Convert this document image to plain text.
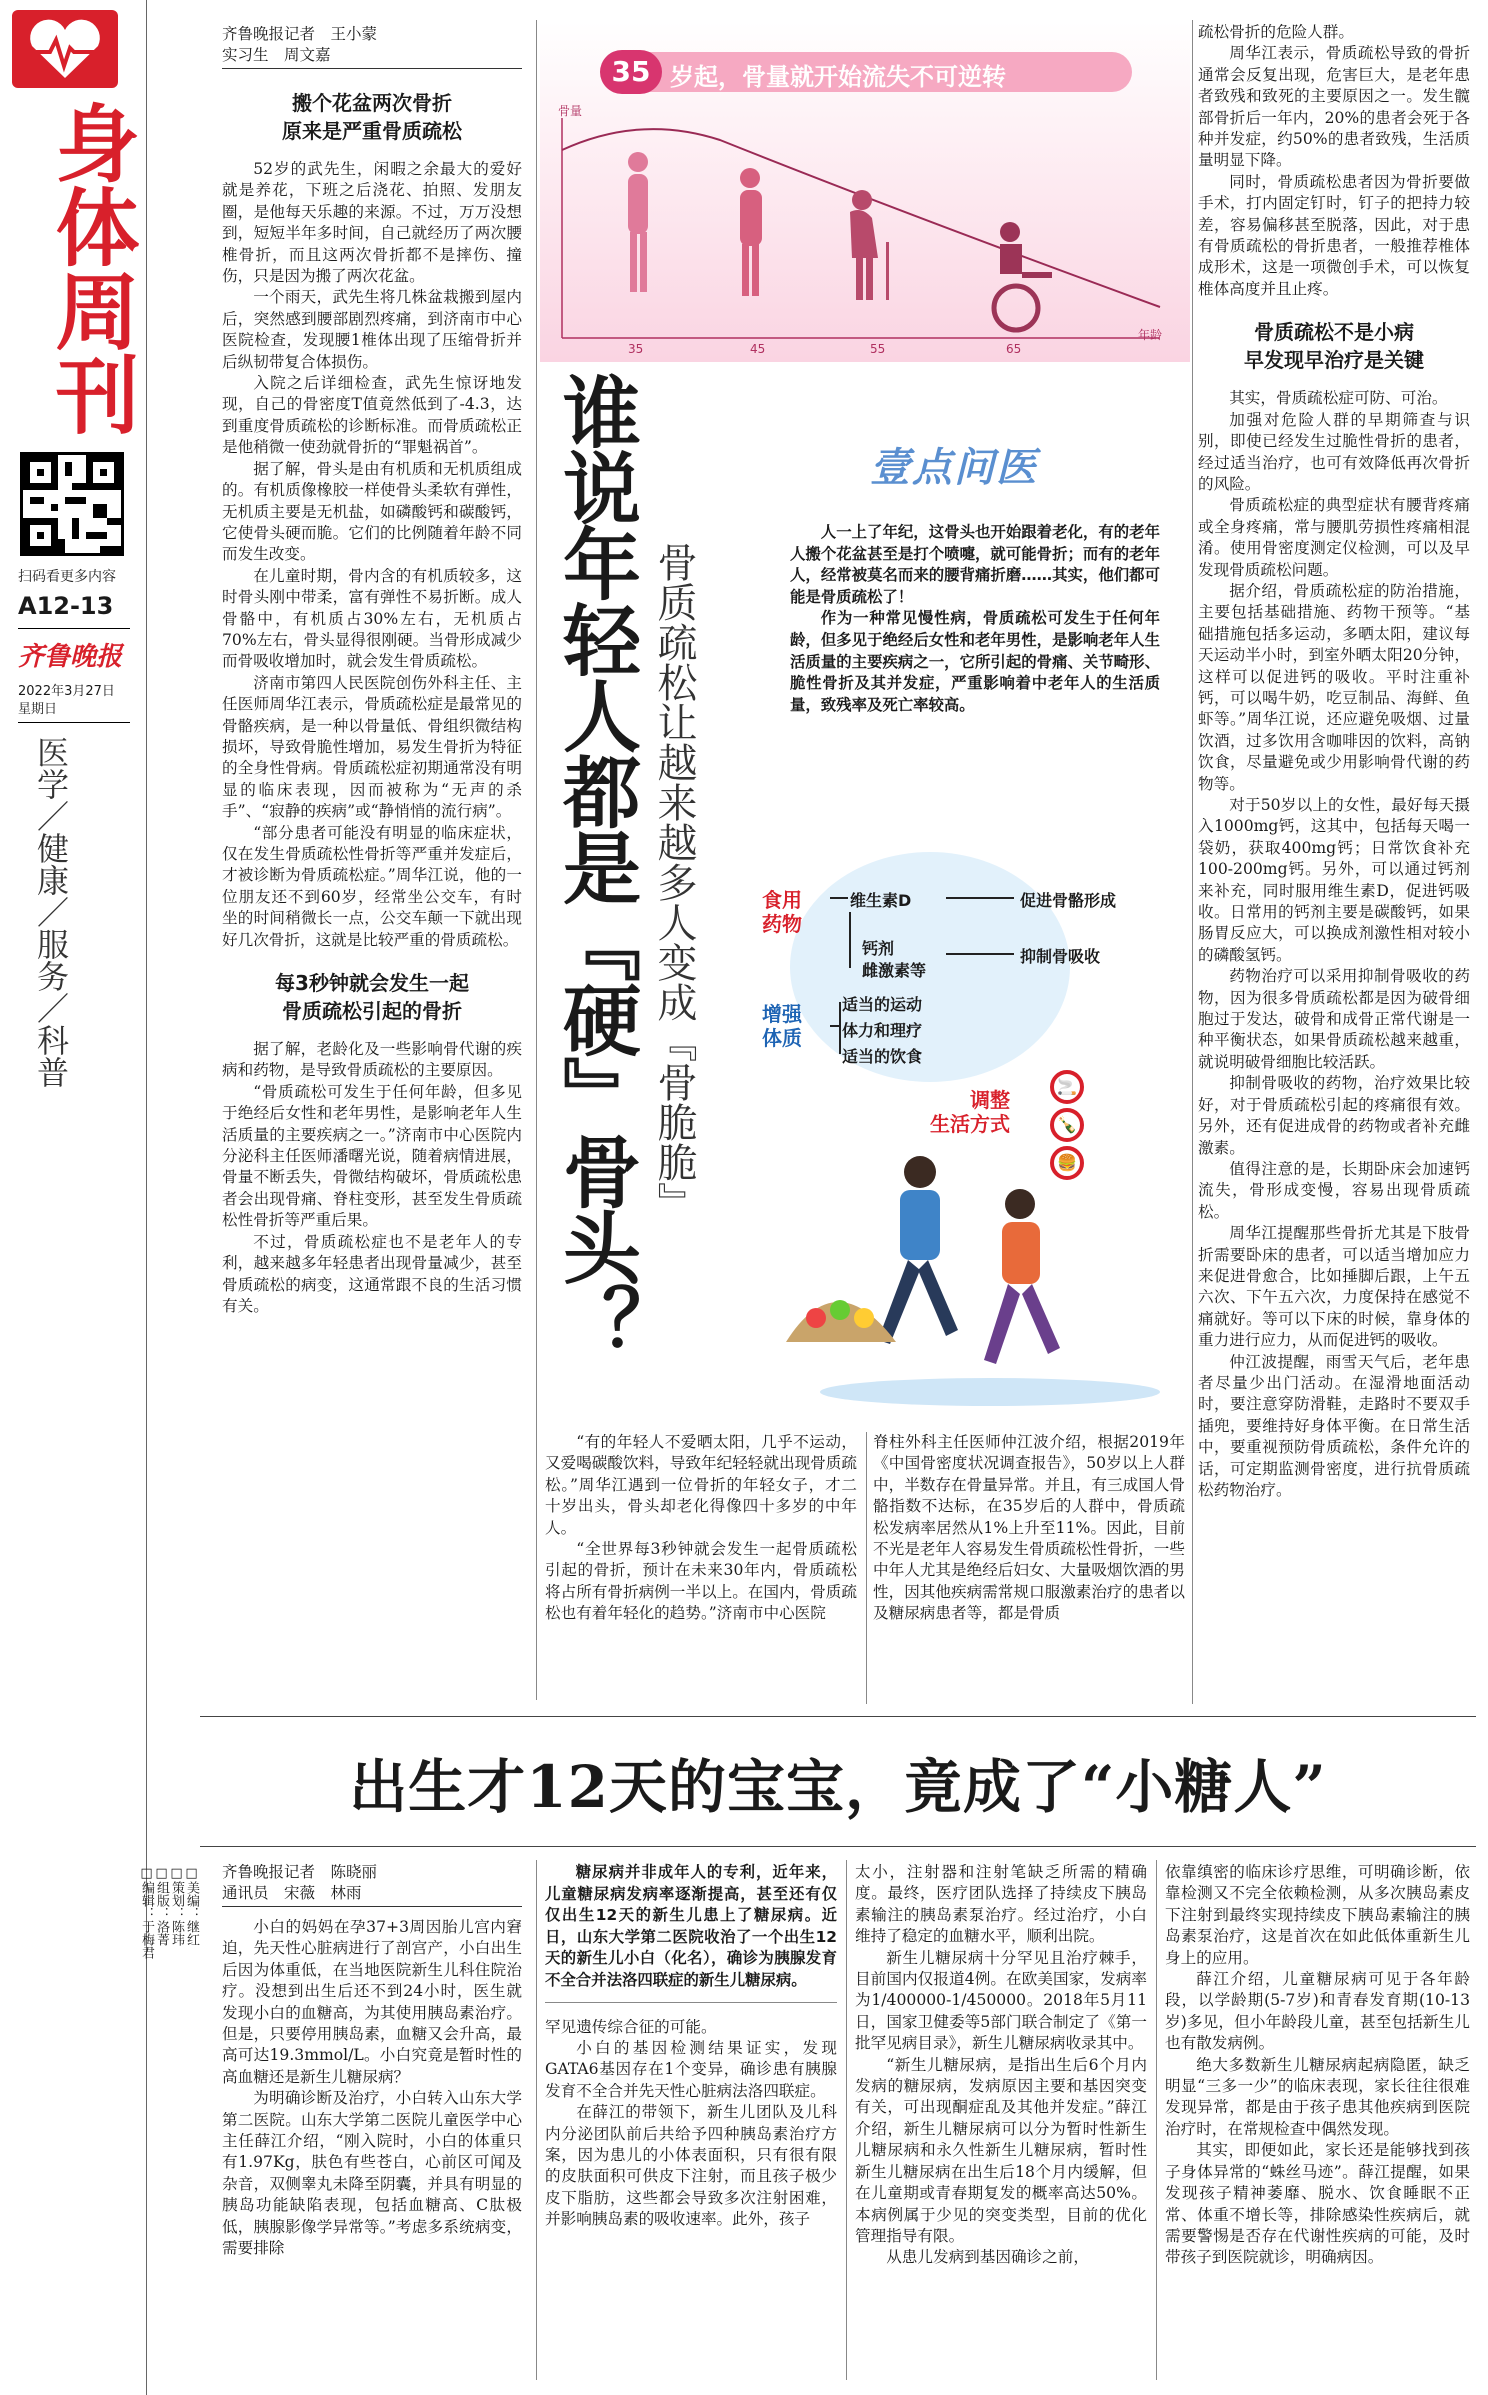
身体周刊
扫码看更多内容
A12-13
齐鲁晚报
2022年3月27日
星期日
医学
／
健康
／
服务
／
科普
齐鲁晚报记者　王小蒙
实习生　周文嘉
搬个花盆两次骨折
原来是严重骨质疏松

52岁的武先生，闲暇之余最大的爱好就是养花，下班之后浇花、拍照、发朋友圈，是他每天乐趣的来源。不过，万万没想到，短短半年多时间，自己就经历了两次腰椎骨折，而且这两次骨折都不是摔伤、撞伤，只是因为搬了两次花盆。

一个雨天，武先生将几株盆栽搬到屋内后，突然感到腰部剧烈疼痛，到济南市中心医院检查，发现腰1椎体出现了压缩骨折并后纵韧带复合体损伤。

入院之后详细检查，武先生惊讶地发现，自己的骨密度T值竟然低到了-4.3，达到重度骨质疏松的诊断标准。而骨质疏松正是他稍微一使劲就骨折的“罪魁祸首”。

据了解，骨头是由有机质和无机质组成的。有机质像橡胶一样使骨头柔软有弹性，无机质主要是无机盐，如磷酸钙和碳酸钙，它使骨头硬而脆。它们的比例随着年龄不同而发生改变。

在儿童时期，骨内含的有机质较多，这时骨头刚中带柔，富有弹性不易折断。成人骨骼中，有机质占30%左右，无机质占70%左右，骨头显得很刚硬。当骨形成减少而骨吸收增加时，就会发生骨质疏松。

济南市第四人民医院创伤外科主任、主任医师周华江表示，骨质疏松症是最常见的骨骼疾病，是一种以骨量低、骨组织微结构损坏，导致骨脆性增加，易发生骨折为特征的全身性骨病。骨质疏松症初期通常没有明显的临床表现，因而被称为“无声的杀手”、“寂静的疾病”或“静悄悄的流行病”。

“部分患者可能没有明显的临床症状，仅在发生骨质疏松性骨折等严重并发症后，才被诊断为骨质疏松症。”周华江说，他的一位朋友还不到60岁，经常坐公交车，有时坐的时间稍微长一点，公交车颠一下就出现好几次骨折，这就是比较严重的骨质疏松。

每3秒钟就会发生一起
骨质疏松引起的骨折

据了解，老龄化及一些影响骨代谢的疾病和药物，是导致骨质疏松的主要原因。

“骨质疏松可发生于任何年龄，但多见于绝经后女性和老年男性，是影响老年人生活质量的主要疾病之一。”济南市中心医院内分泌科主任医师潘曙光说，随着病情进展，骨量不断丢失，骨微结构破坏，骨质疏松患者会出现骨痛、脊柱变形，甚至发生骨质疏松性骨折等严重后果。

不过，骨质疏松症也不是老年人的专利，越来越多年轻患者出现骨量减少，甚至骨质疏松的病变，这通常跟不良的生活习惯有关。

35 岁起，骨量就开始流失不可逆转
骨量
年龄
35	45	55	65
谁说年轻人都是『硬』骨头？ 骨质疏松让越来越多人变成『骨脆脆』
壹点问医

人一上了年纪，这骨头也开始跟着老化，有的老年人搬个花盆甚至是打个喷嚏，就可能骨折；而有的老年人，经常被莫名而来的腰背痛折磨……其实，他们都可能是骨质疏松了！

作为一种常见慢性病，骨质疏松可发生于任何年龄，但多见于绝经后女性和老年男性，是影响老年人生活质量的主要疾病之一，它所引起的骨痛、关节畸形、脆性骨折及其并发症，严重影响着中老年人的生活质量，致残率及死亡率较高。

食用
药物
维生素D
钙剂
雌激素等
促进骨骼形成
抑制骨吸收
增强
体质
适当的运动
体力和理疗
适当的饮食
调整
生活方式
🚬
🍾
🍔

“有的年轻人不爱晒太阳，几乎不运动，又爱喝碳酸饮料，导致年纪轻轻就出现骨质疏松。”周华江遇到一位骨折的年轻女子，才二十岁出头，骨头却老化得像四十多岁的中年人。

“全世界每3秒钟就会发生一起骨质疏松引起的骨折，预计在未来30年内，骨质疏松将占所有骨折病例一半以上。在国内，骨质疏松也有着年轻化的趋势。”济南市中心医院

脊柱外科主任医师仲江波介绍，根据2019年《中国骨密度状况调查报告》，50岁以上人群中，半数存在骨量异常。并且，有三成国人骨骼指数不达标，在35岁后的人群中，骨质疏松发病率居然从1%上升至11%。因此，目前不光是老年人容易发生骨质疏松性骨折，一些中年人尤其是绝经后妇女、大量吸烟饮酒的男性，因其他疾病需常规口服激素治疗的患者以及糖尿病患者等，都是骨质

疏松骨折的危险人群。

周华江表示，骨质疏松导致的骨折通常会反复出现，危害巨大，是老年患者致残和致死的主要原因之一。发生髋部骨折后一年内，20%的患者会死于各种并发症，约50%的患者致残，生活质量明显下降。

同时，骨质疏松患者因为骨折要做手术，打内固定钉时，钉子的把持力较差，容易偏移甚至脱落，因此，对于患有骨质疏松的骨折患者，一般推荐椎体成形术，这是一项微创手术，可以恢复椎体高度并且止疼。

骨质疏松不是小病
早发现早治疗是关键

其实，骨质疏松症可防、可治。

加强对危险人群的早期筛查与识别，即使已经发生过脆性骨折的患者，经过适当治疗，也可有效降低再次骨折的风险。

骨质疏松症的典型症状有腰背疼痛或全身疼痛，常与腰肌劳损性疼痛相混淆。使用骨密度测定仪检测，可以及早发现骨质疏松问题。

据介绍，骨质疏松症的防治措施，主要包括基础措施、药物干预等。“基础措施包括多运动，多晒太阳，建议每天运动半小时，到室外晒太阳20分钟，这样可以促进钙的吸收。平时注重补钙，可以喝牛奶，吃豆制品、海鲜、鱼虾等。”周华江说，还应避免吸烟、过量饮酒，过多饮用含咖啡因的饮料，高钠饮食，尽量避免或少用影响骨代谢的药物等。

对于50岁以上的女性，最好每天摄入1000mg钙，这其中，包括每天喝一袋奶，获取400mg钙；日常饮食补充100-200mg钙。另外，可以通过钙剂来补充，同时服用维生素D，促进钙吸收。日常用的钙剂主要是碳酸钙，如果肠胃反应大，可以换成剂激性相对较小的磷酸氢钙。

药物治疗可以采用抑制骨吸收的药物，因为很多骨质疏松都是因为破骨细胞过于发达，破骨和成骨正常代谢是一种平衡状态，如果骨质疏松越来越重，就说明破骨细胞比较活跃。

抑制骨吸收的药物，治疗效果比较好，对于骨质疏松引起的疼痛很有效。另外，还有促进成骨的药物或者补充雌激素。

值得注意的是，长期卧床会加速钙流失，骨形成变慢，容易出现骨质疏松。

周华江提醒那些骨折尤其是下肢骨折需要卧床的患者，可以适当增加应力来促进骨愈合，比如捶脚后跟，上午五六次、下午五六次，力度保持在感觉不痛就好。等可以下床的时候，靠身体的重力进行应力，从而促进钙的吸收。

仲江波提醒，雨雪天气后，老年患者尽量少出门活动。在湿滑地面活动时，要注意穿防滑鞋，走路时不要双手插兜，要维持好身体平衡。在日常生活中，要重视预防骨质疏松，条件允许的话，可定期监测骨密度，进行抗骨质疏松药物治疗。

出生才12天的宝宝，竟成了“小糖人”
□美编：继红
□策划：陈玮
□组版：洛菁
□编辑：于梅君	齐鲁晚报记者　陈晓丽
通讯员　宋薇　林雨

小白的妈妈在孕37+3周因胎儿宫内窘迫，先天性心脏病进行了剖宫产，小白出生后因为体重低，在当地医院新生儿科住院治疗。没想到出生后还不到24小时，医生就发现小白的血糖高，为其使用胰岛素治疗。但是，只要停用胰岛素，血糖又会升高，最高可达19.3mmol/L。小白究竟是暂时性的高血糖还是新生儿糖尿病？

为明确诊断及治疗，小白转入山东大学第二医院。山东大学第二医院儿童医学中心主任薛江介绍，“刚入院时，小白的体重只有1.97Kg，肤色有些苍白，心前区可闻及杂音，双侧睾丸未降至阴囊，并具有明显的胰岛功能缺陷表现，包括血糖高、C肽极低，胰腺影像学异常等。”考虑多系统病变，需要排除

糖尿病并非成年人的专利，近年来，儿童糖尿病发病率逐渐提高，甚至还有仅仅出生12天的新生儿患上了糖尿病。近日，山东大学第二医院收治了一个出生12天的新生儿小白（化名），确诊为胰腺发育不全合并法洛四联症的新生儿糖尿病。

罕见遗传综合征的可能。

小白的基因检测结果证实，发现GATA6基因存在1个变异，确诊患有胰腺发育不全合并先天性心脏病法洛四联症。

在薛江的带领下，新生儿团队及儿科内分泌团队前后共给予四种胰岛素治疗方案，因为患儿的小体表面积，只有很有限的皮肤面积可供皮下注射，而且孩子极少皮下脂肪，这些都会导致多次注射困难，并影响胰岛素的吸收速率。此外，孩子

太小，注射器和注射笔缺乏所需的精确度。最终，医疗团队选择了持续皮下胰岛素输注的胰岛素泵治疗。经过治疗，小白维持了稳定的血糖水平，顺利出院。

新生儿糖尿病十分罕见且治疗棘手，目前国内仅报道4例。在欧美国家，发病率为1/400000-1/450000。2018年5月11日，国家卫健委等5部门联合制定了《第一批罕见病目录》，新生儿糖尿病收录其中。

“新生儿糖尿病，是指出生后6个月内发病的糖尿病，发病原因主要和基因突变有关，可出现酮症乱及其他并发症。”薛江介绍，新生儿糖尿病可以分为暂时性新生儿糖尿病和永久性新生儿糖尿病，暂时性新生儿糖尿病在出生后18个月内缓解，但在儿童期或青春期复发的概率高达50%。本病例属于少见的突变类型，目前的优化管理指导有限。

从患儿发病到基因确诊之前，

依靠缜密的临床诊疗思维，可明确诊断，依靠检测又不完全依赖检测，从多次胰岛素皮下注射到最终实现持续皮下胰岛素输注的胰岛素泵治疗，这是首次在如此低体重新生儿身上的应用。

薛江介绍，儿童糖尿病可见于各年龄段，以学龄期(5-7岁)和青春发育期(10-13岁)多见，但小年龄段儿童，甚至包括新生儿也有散发病例。

绝大多数新生儿糖尿病起病隐匿，缺乏明显“三多一少”的临床表现，家长往往很难发现异常，都是由于孩子患其他疾病到医院治疗时，在常规检查中偶然发现。

其实，即便如此，家长还是能够找到孩子身体异常的“蛛丝马迹”。薛江提醒，如果发现孩子精神萎靡、脱水、饮食睡眠不正常、体重不增长等，排除感染性疾病后，就需要警惕是否存在代谢性疾病的可能，及时带孩子到医院就诊，明确病因。
